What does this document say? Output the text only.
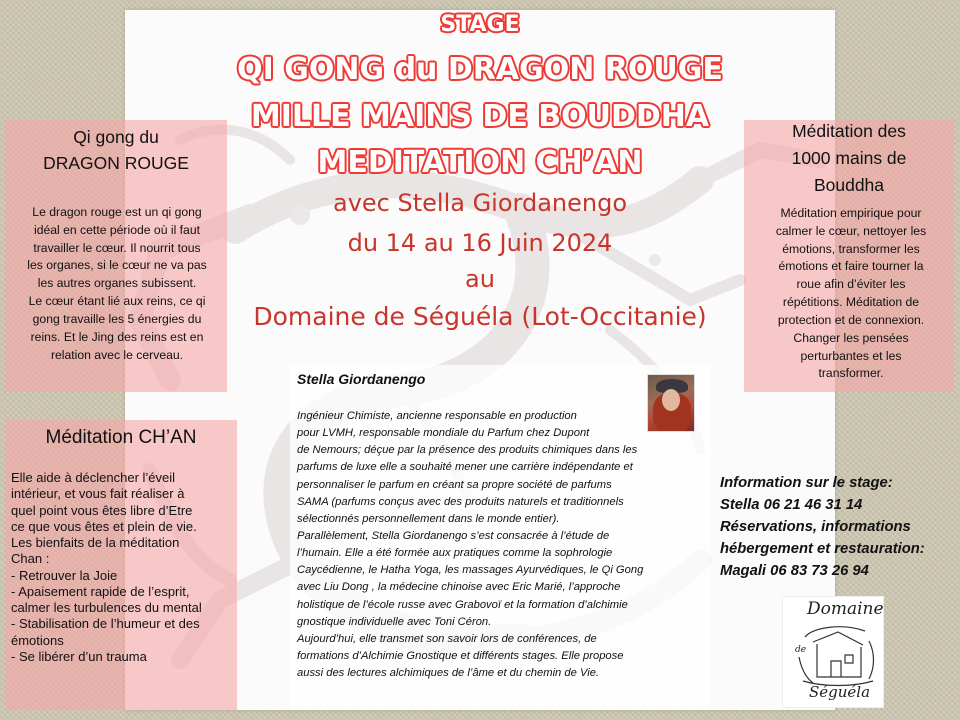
STAGE
QI GONG du DRAGON ROUGE
MILLE MAINS DE BOUDDHA
MEDITATION CH’AN
avec Stella Giordanengo
du 14 au 16 Juin 2024
au
Domaine de Séguéla (Lot-Occitanie)
Qi gong du
DRAGON ROUGE
Le dragon rouge est un qi gong
idéal en cette période où il faut
travailler le cœur. Il nourrit tous
les organes, si le cœur ne va pas
les autres organes subissent.
Le cœur étant lié aux reins, ce qi
gong travaille les 5 énergies du
reins. Et le Jing des reins est en
relation avec le cerveau.
Méditation CH’AN
Elle aide à déclencher l’éveil
intérieur, et vous fait réaliser à
quel point vous êtes libre d’Etre
ce que vous êtes et plein de vie.
Les bienfaits de la méditation
Chan :
- Retrouver la Joie
- Apaisement rapide de l’esprit,
calmer les turbulences du mental
- Stabilisation de l’humeur et des
émotions
- Se libérer d’un trauma
Méditation des
1000 mains de
Bouddha
Méditation empirique pour
calmer le cœur, nettoyer les
émotions, transformer les
émotions et faire tourner la
roue afin d’éviter les
répétitions. Méditation de
protection et de connexion.
Changer les pensées
perturbantes et les
transformer.
Stella Giordanengo

Ingénieur Chimiste, ancienne responsable en production

pour LVMH, responsable mondiale du Parfum chez Dupont

de Nemours; déçue par la présence des produits chimiques dans les

parfums de luxe elle a souhaité mener une carrière indépendante et

personnaliser le parfum en créant sa propre société de parfums

SAMA (parfums conçus avec des produits naturels et traditionnels

sélectionnés personnellement dans le monde entier).

Parallèlement, Stella Giordanengo s’est consacrée à l’étude de

l’humain. Elle a été formée aux pratiques comme la sophrologie

Caycédienne, le Hatha Yoga, les massages Ayurvédiques, le Qi Gong

avec Liu Dong , la médecine chinoise avec Eric Marié, l’approche

holistique de l’école russe avec Grabovoï et la formation d’alchimie

gnostique individuelle avec Toni Céron.

Aujourd’hui, elle transmet son savoir lors de conférences, de

formations d’Alchimie Gnostique et différents stages. Elle propose

aussi des lectures alchimiques de l’âme et du chemin de Vie.

Information sur le stage:
Stella 06 21 46 31 14
Réservations, informations
hébergement et restauration:
Magali 06 83 73 26 94
Domaine
de
Séguéla
